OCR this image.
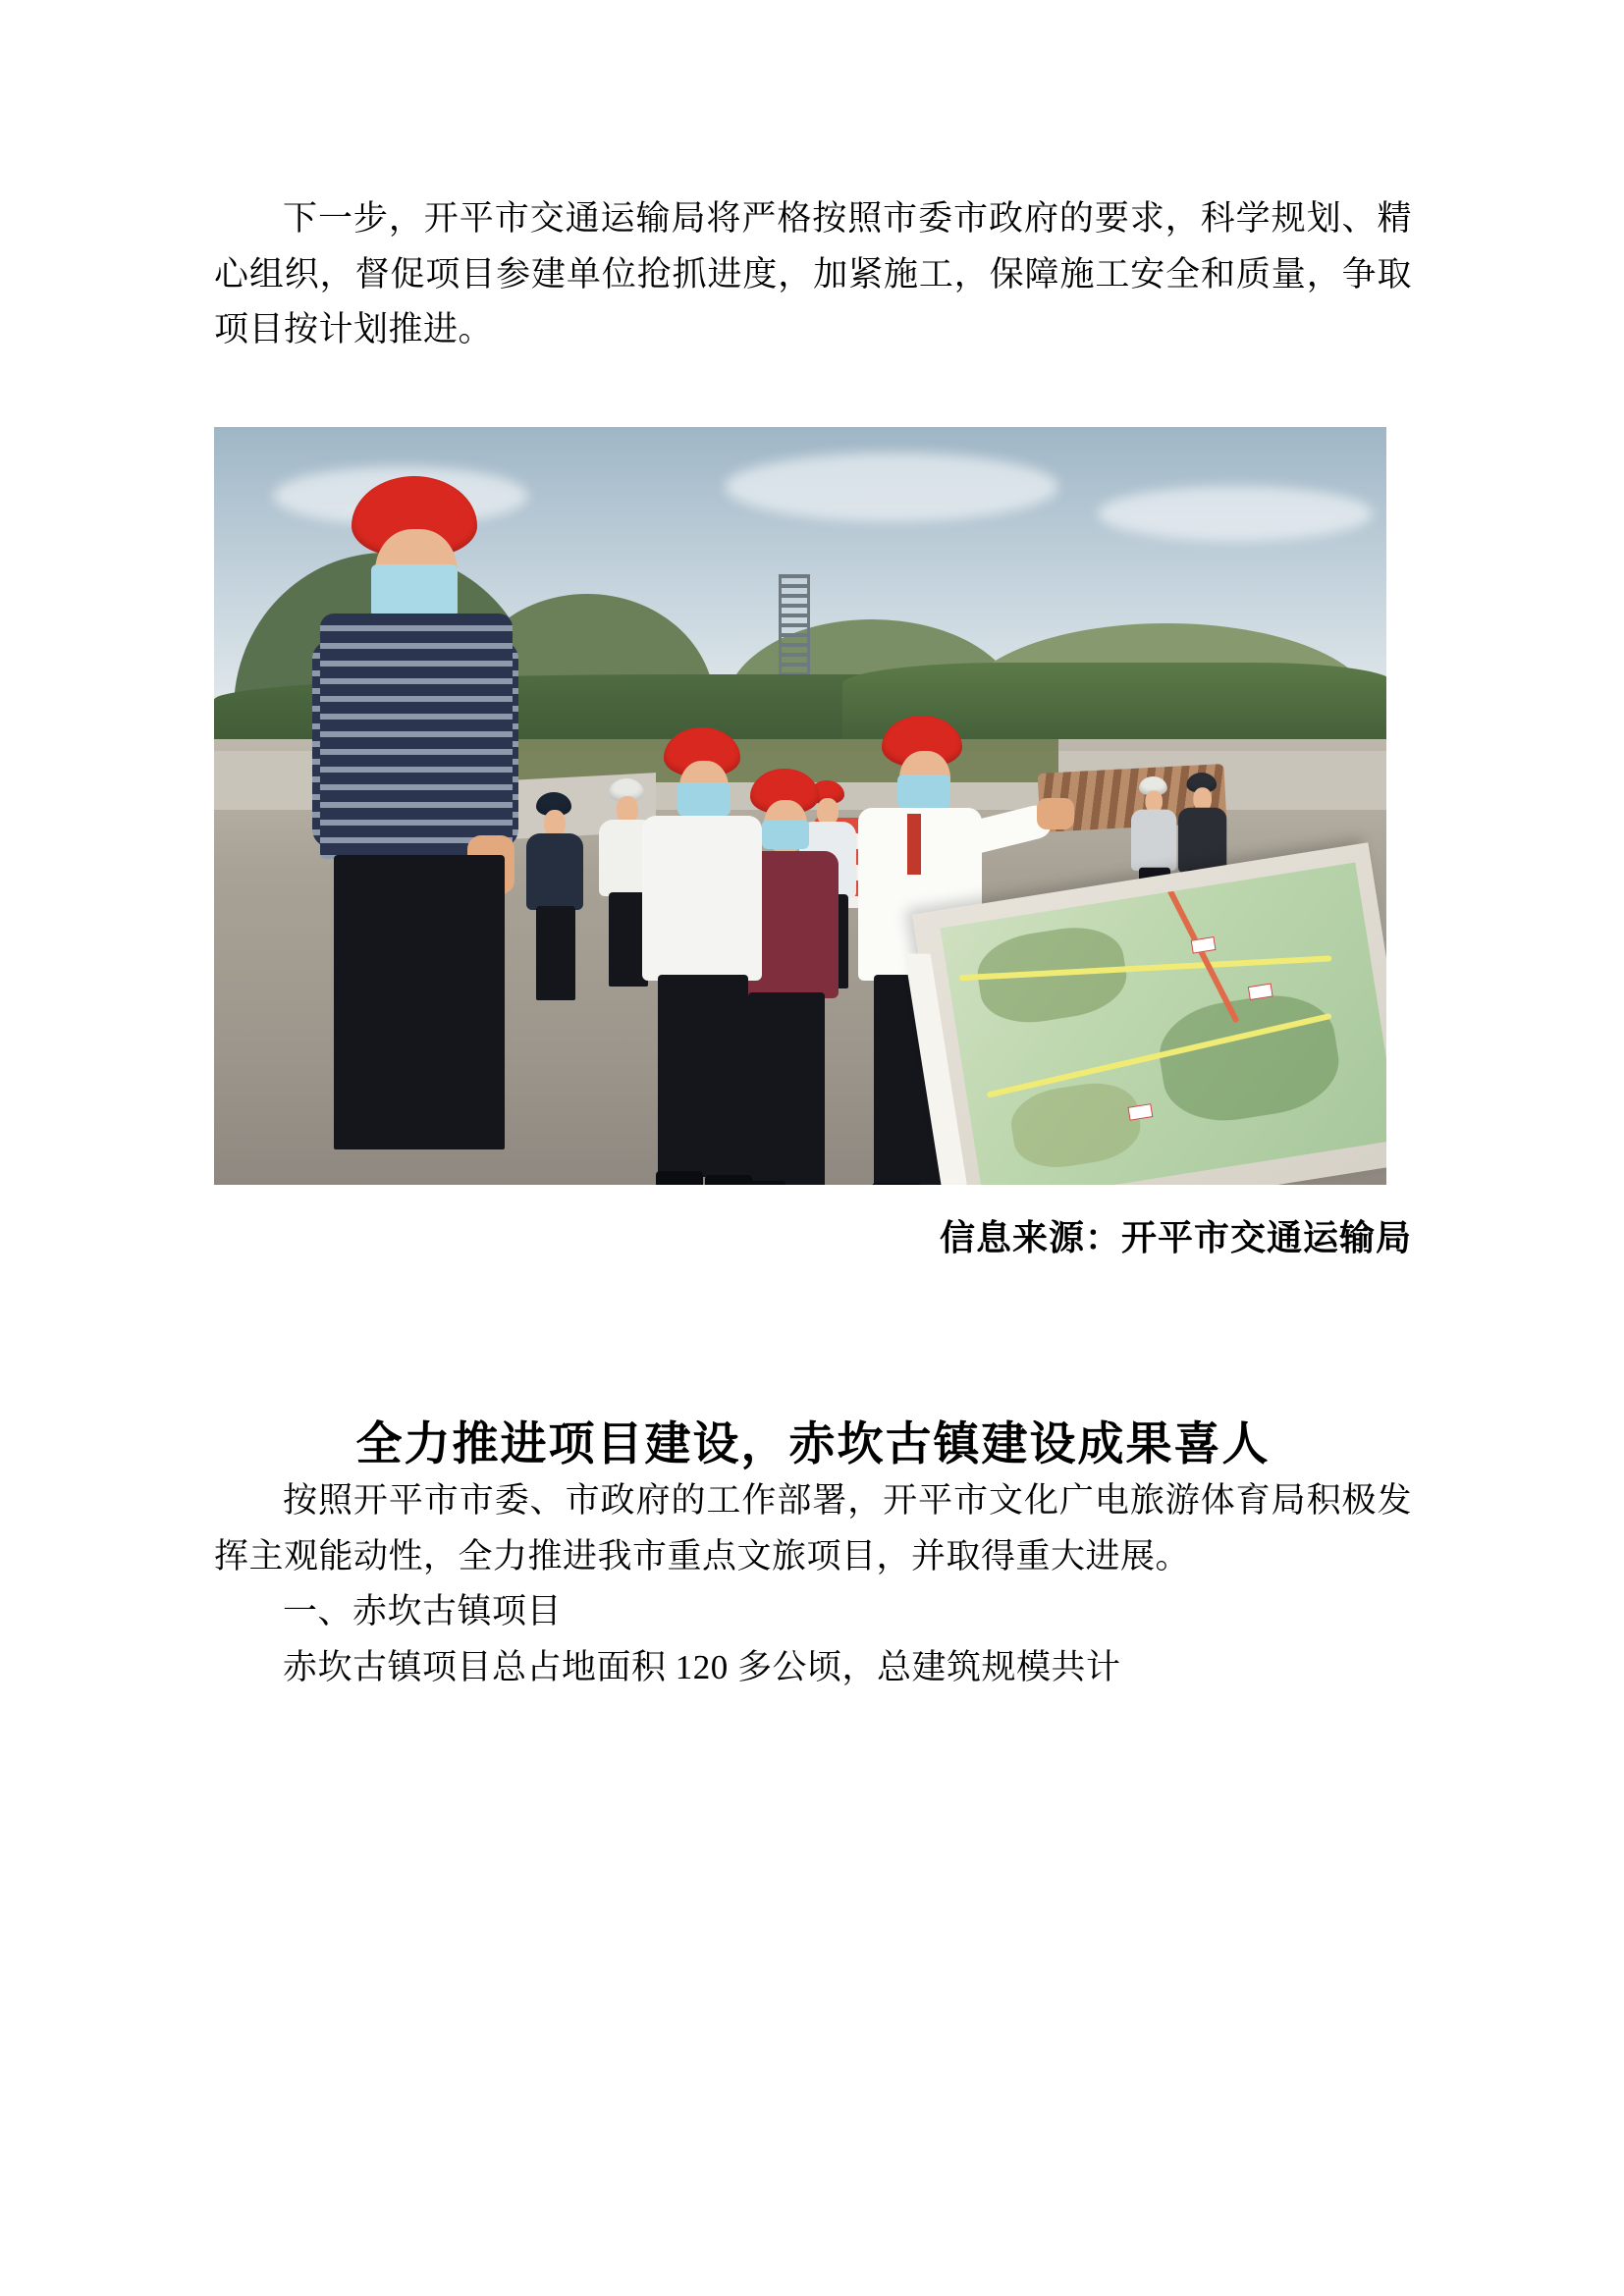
下一步，开平市交通运输局将严格按照市委市政府的要求，科学规划、精心组织，督促项目参建单位抢抓进度，加紧施工，保障施工安全和质量，争取项目按计划推进。

信息来源：开平市交通运输局
全力推进项目建设，赤坎古镇建设成果喜人

按照开平市市委、市政府的工作部署，开平市文化广电旅游体育局积极发挥主观能动性，全力推进我市重点文旅项目，并取得重大进展。

一、赤坎古镇项目

赤坎古镇项目总占地面积 120 多公顷，总建筑规模共计
